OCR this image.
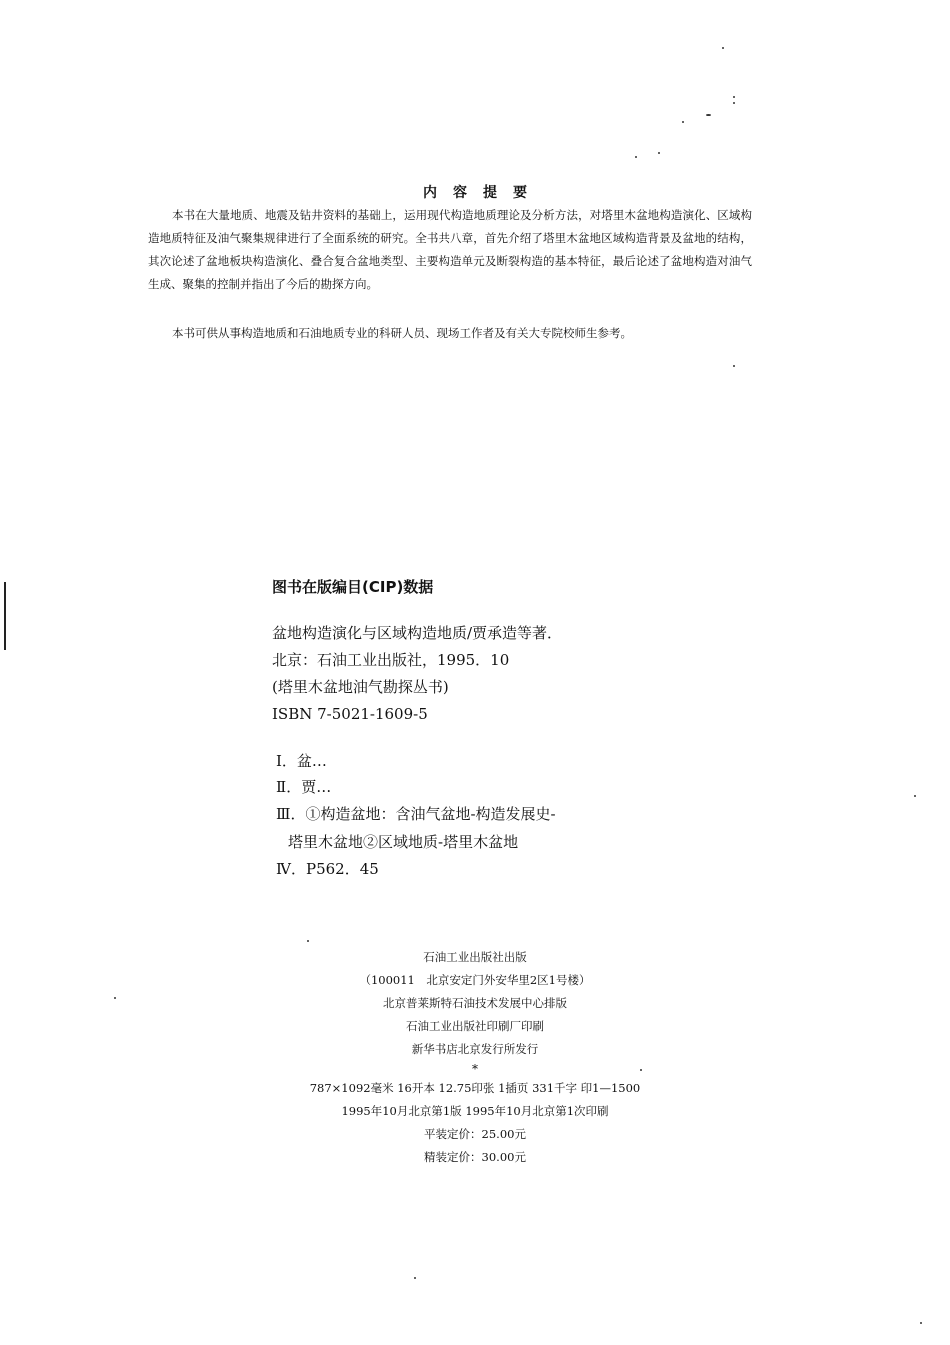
内容提要

本书在大量地质、地震及钻井资料的基础上，运用现代构造地质理论及分析方法，对塔里木盆地构造演化、区域构造地质特征及油气聚集规律进行了全面系统的研究。全书共八章，首先介绍了塔里木盆地区域构造背景及盆地的结构，其次论述了盆地板块构造演化、叠合复合盆地类型、主要构造单元及断裂构造的基本特征，最后论述了盆地构造对油气生成、聚集的控制并指出了今后的勘探方向。

本书可供从事构造地质和石油地质专业的科研人员、现场工作者及有关大专院校师生参考。

图书在版编目(CIP)数据
盆地构造演化与区域构造地质/贾承造等著．
北京：石油工业出版社，1995．10
(塔里木盆地油气勘探丛书)
ISBN 7-5021-1609-5
Ⅰ．盆…
Ⅱ．贾…
Ⅲ．①构造盆地：含油气盆地-构造发展史-
塔里木盆地②区域地质-塔里木盆地
Ⅳ．P562．45
石油工业出版社出版
（100011　北京安定门外安华里2区1号楼）
北京普莱斯特石油技术发展中心排版
石油工业出版社印刷厂印刷
新华书店北京发行所发行
*
787×1092毫米 16开本 12.75印张 1插页 331千字 印1—1500
1995年10月北京第1版 1995年10月北京第1次印刷
平装定价：25.00元
精装定价：30.00元
